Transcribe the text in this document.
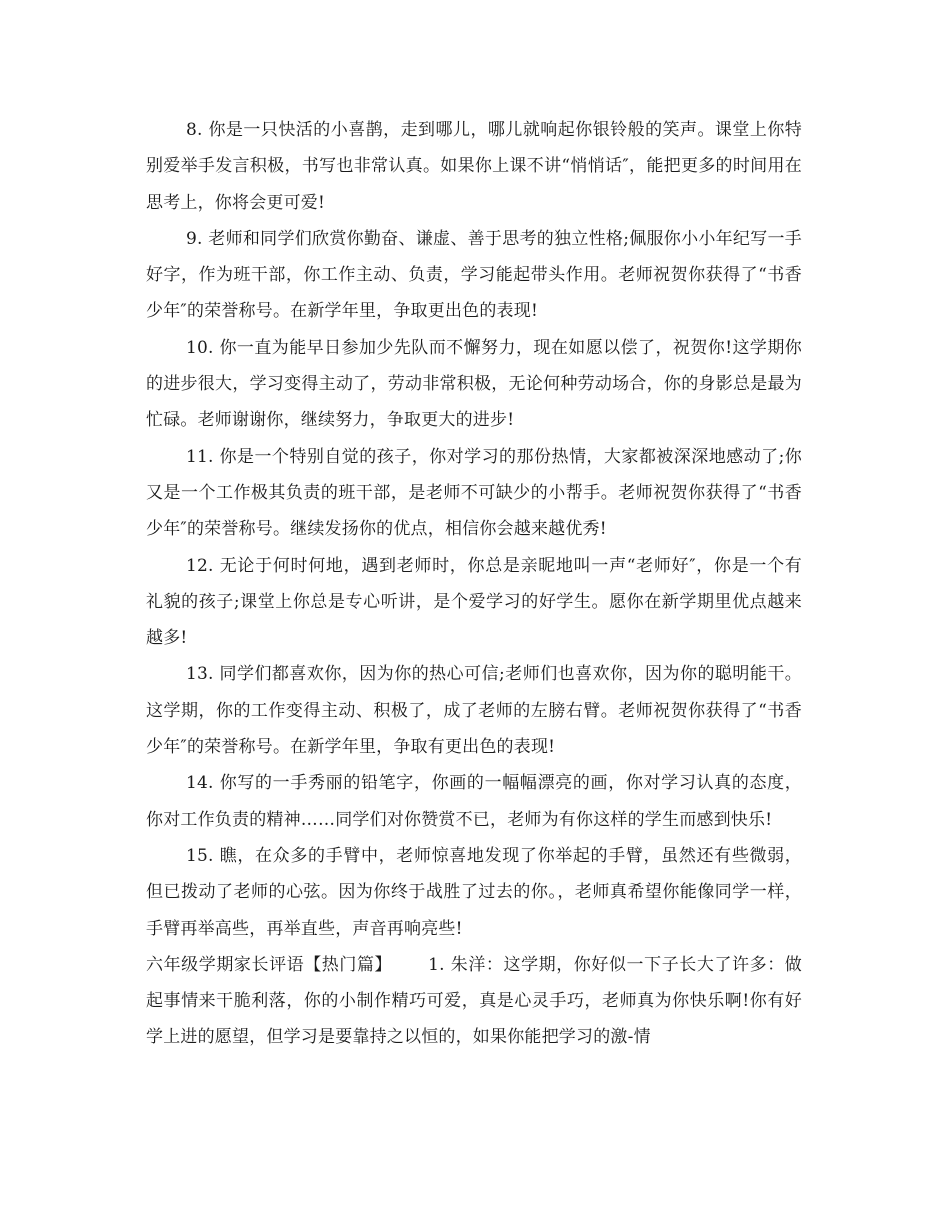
8. 你是一只快活的小喜鹊，走到哪儿，哪儿就响起你银铃般的笑声。课堂上你特别爱举手发言积极，书写也非常认真。如果你上课不讲“悄悄话″，能把更多的时间用在思考上，你将会更可爱!

9. 老师和同学们欣赏你勤奋、谦虚、善于思考的独立性格;佩服你小小年纪写一手好字，作为班干部，你工作主动、负责，学习能起带头作用。老师祝贺你获得了“书香少年″的荣誉称号。在新学年里，争取更出色的表现!

10. 你一直为能早日参加少先队而不懈努力，现在如愿以偿了，祝贺你!这学期你的进步很大，学习变得主动了，劳动非常积极，无论何种劳动场合，你的身影总是最为忙碌。老师谢谢你，继续努力，争取更大的进步!

11. 你是一个特别自觉的孩子，你对学习的那份热情，大家都被深深地感动了;你又是一个工作极其负责的班干部，是老师不可缺少的小帮手。老师祝贺你获得了“书香少年″的荣誉称号。继续发扬你的优点，相信你会越来越优秀!

12. 无论于何时何地，遇到老师时，你总是亲昵地叫一声“老师好″，你是一个有礼貌的孩子;课堂上你总是专心听讲，是个爱学习的好学生。愿你在新学期里优点越来越多!

13. 同学们都喜欢你，因为你的热心可信;老师们也喜欢你，因为你的聪明能干。这学期，你的工作变得主动、积极了，成了老师的左膀右臂。老师祝贺你获得了“书香少年″的荣誉称号。在新学年里，争取有更出色的表现!

14. 你写的一手秀丽的铅笔字，你画的一幅幅漂亮的画，你对学习认真的态度，你对工作负责的精神……同学们对你赞赏不已，老师为有你这样的学生而感到快乐!

15. 瞧，在众多的手臂中，老师惊喜地发现了你举起的手臂，虽然还有些微弱，但已拨动了老师的心弦。因为你终于战胜了过去的你。，老师真希望你能像同学一样，手臂再举高些，再举直些，声音再响亮些!

六年级学期家长评语【热门篇】 1. 朱洋：这学期，你好似一下子长大了许多：做起事情来干脆利落，你的小制作精巧可爱，真是心灵手巧，老师真为你快乐啊!你有好学上进的愿望，但学习是要靠持之以恒的，如果你能把学习的激-情
